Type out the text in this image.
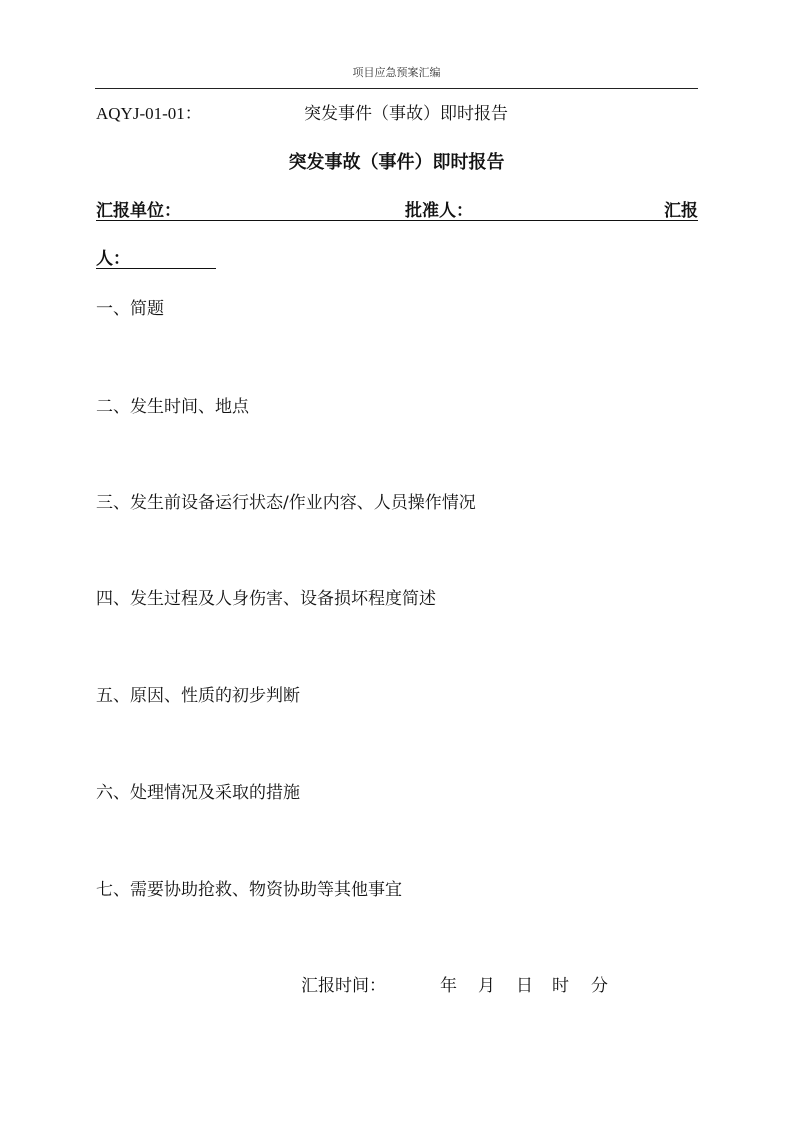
项目应急预案汇编
AQYJ-01-01：	突发事件（事故）即时报告
突发事故（事件）即时报告
汇报单位：	批准人：	汇报
人：
一、简题
二、发生时间、地点
三、发生前设备运行状态/作业内容、人员操作情况
四、发生过程及人身伤害、设备损坏程度简述
五、原因、性质的初步判断
六、处理情况及采取的措施
七、需要协助抢救、物资协助等其他事宜
汇报时间：	年 月 日 时 分
